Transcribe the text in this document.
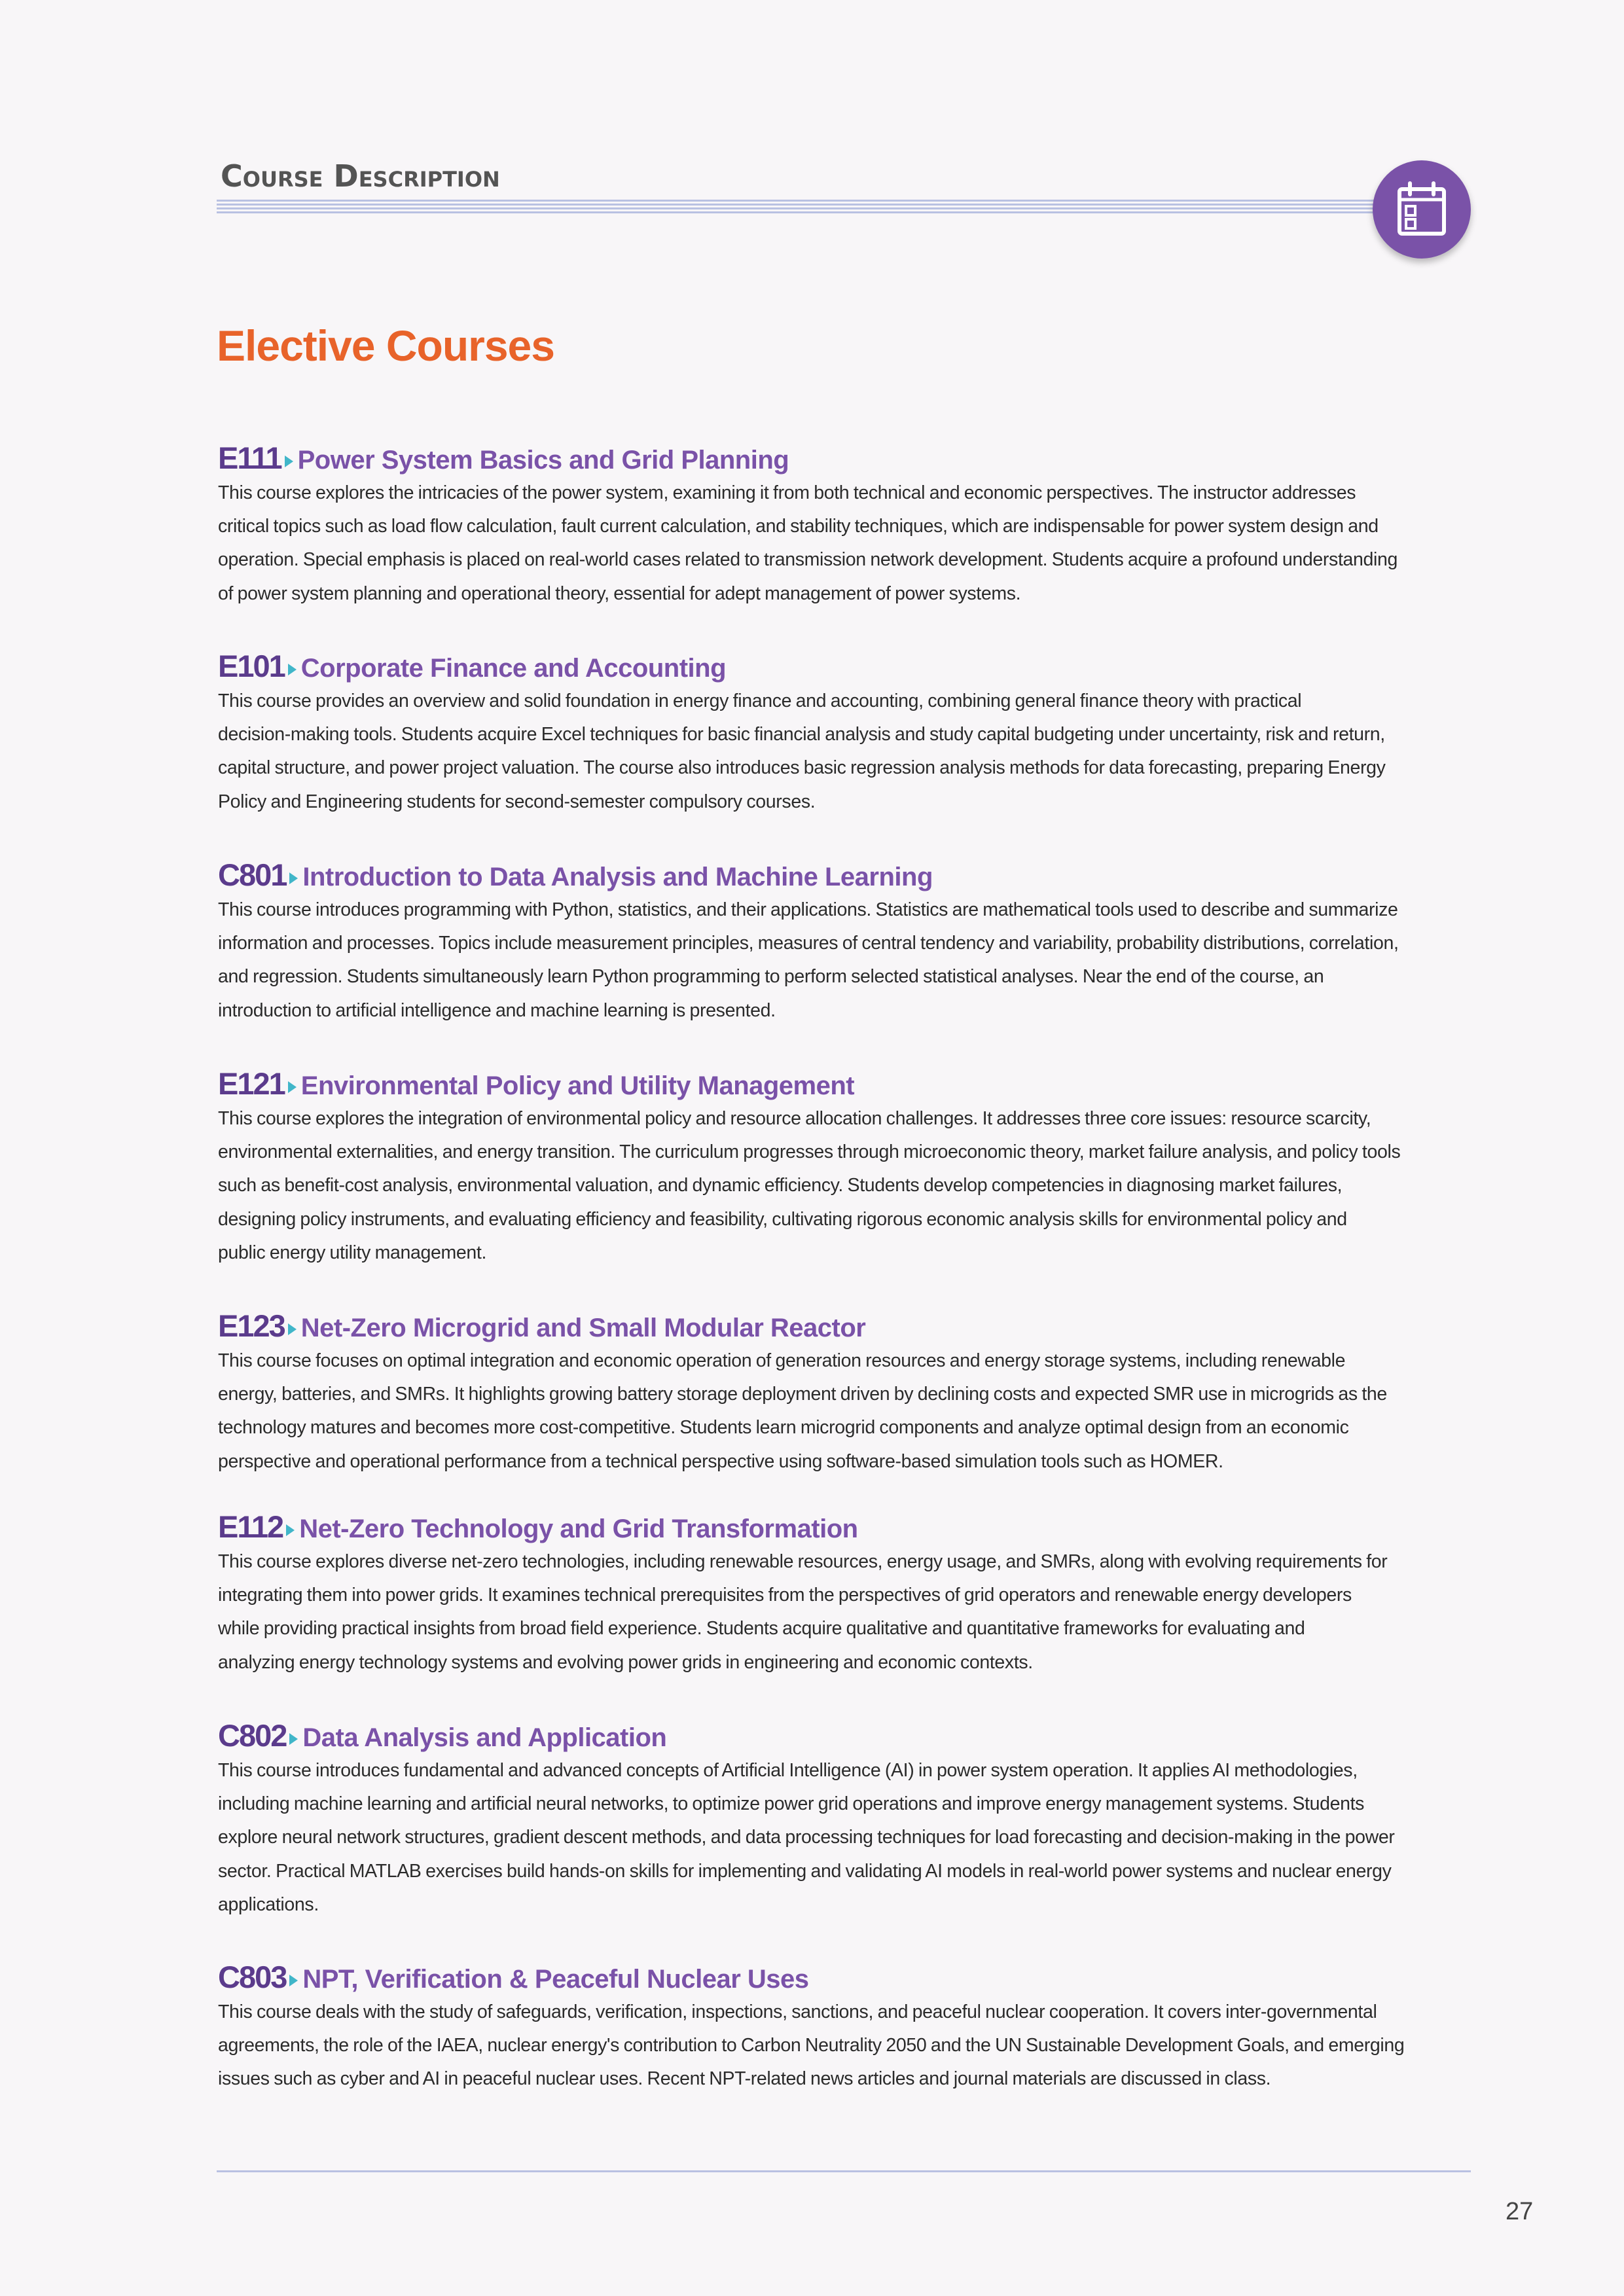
Course Description
Elective Courses
E111 Power System Basics and Grid Planning
This course explores the intricacies of the power system, examining it from both technical and economic perspectives. The instructor addresses
critical topics such as load flow calculation, fault current calculation, and stability techniques, which are indispensable for power system design and
operation. Special emphasis is placed on real-world cases related to transmission network development. Students acquire a profound understanding
of power system planning and operational theory, essential for adept management of power systems.
E101 Corporate Finance and Accounting
This course provides an overview and solid foundation in energy finance and accounting, combining general finance theory with practical
decision-making tools. Students acquire Excel techniques for basic financial analysis and study capital budgeting under uncertainty, risk and return,
capital structure, and power project valuation. The course also introduces basic regression analysis methods for data forecasting, preparing Energy
Policy and Engineering students for second-semester compulsory courses.
C801 Introduction to Data Analysis and Machine Learning
This course introduces programming with Python, statistics, and their applications. Statistics are mathematical tools used to describe and summarize
information and processes. Topics include measurement principles, measures of central tendency and variability, probability distributions, correlation,
and regression. Students simultaneously learn Python programming to perform selected statistical analyses. Near the end of the course, an
introduction to artificial intelligence and machine learning is presented.
E121 Environmental Policy and Utility Management
This course explores the integration of environmental policy and resource allocation challenges. It addresses three core issues: resource scarcity,
environmental externalities, and energy transition. The curriculum progresses through microeconomic theory, market failure analysis, and policy tools
such as benefit-cost analysis, environmental valuation, and dynamic efficiency. Students develop competencies in diagnosing market failures,
designing policy instruments, and evaluating efficiency and feasibility, cultivating rigorous economic analysis skills for environmental policy and
public energy utility management.
E123 Net-Zero Microgrid and Small Modular Reactor
This course focuses on optimal integration and economic operation of generation resources and energy storage systems, including renewable
energy, batteries, and SMRs. It highlights growing battery storage deployment driven by declining costs and expected SMR use in microgrids as the
technology matures and becomes more cost-competitive. Students learn microgrid components and analyze optimal design from an economic
perspective and operational performance from a technical perspective using software-based simulation tools such as HOMER.
E112 Net-Zero Technology and Grid Transformation
This course explores diverse net-zero technologies, including renewable resources, energy usage, and SMRs, along with evolving requirements for
integrating them into power grids. It examines technical prerequisites from the perspectives of grid operators and renewable energy developers
while providing practical insights from broad field experience. Students acquire qualitative and quantitative frameworks for evaluating and
analyzing energy technology systems and evolving power grids in engineering and economic contexts.
C802 Data Analysis and Application
This course introduces fundamental and advanced concepts of Artificial Intelligence (AI) in power system operation. It applies AI methodologies,
including machine learning and artificial neural networks, to optimize power grid operations and improve energy management systems. Students
explore neural network structures, gradient descent methods, and data processing techniques for load forecasting and decision-making in the power
sector. Practical MATLAB exercises build hands-on skills for implementing and validating AI models in real-world power systems and nuclear energy
applications.
C803 NPT, Verification & Peaceful Nuclear Uses
This course deals with the study of safeguards, verification, inspections, sanctions, and peaceful nuclear cooperation. It covers inter-governmental
agreements, the role of the IAEA, nuclear energy's contribution to Carbon Neutrality 2050 and the UN Sustainable Development Goals, and emerging
issues such as cyber and AI in peaceful nuclear uses. Recent NPT-related news articles and journal materials are discussed in class.
27
